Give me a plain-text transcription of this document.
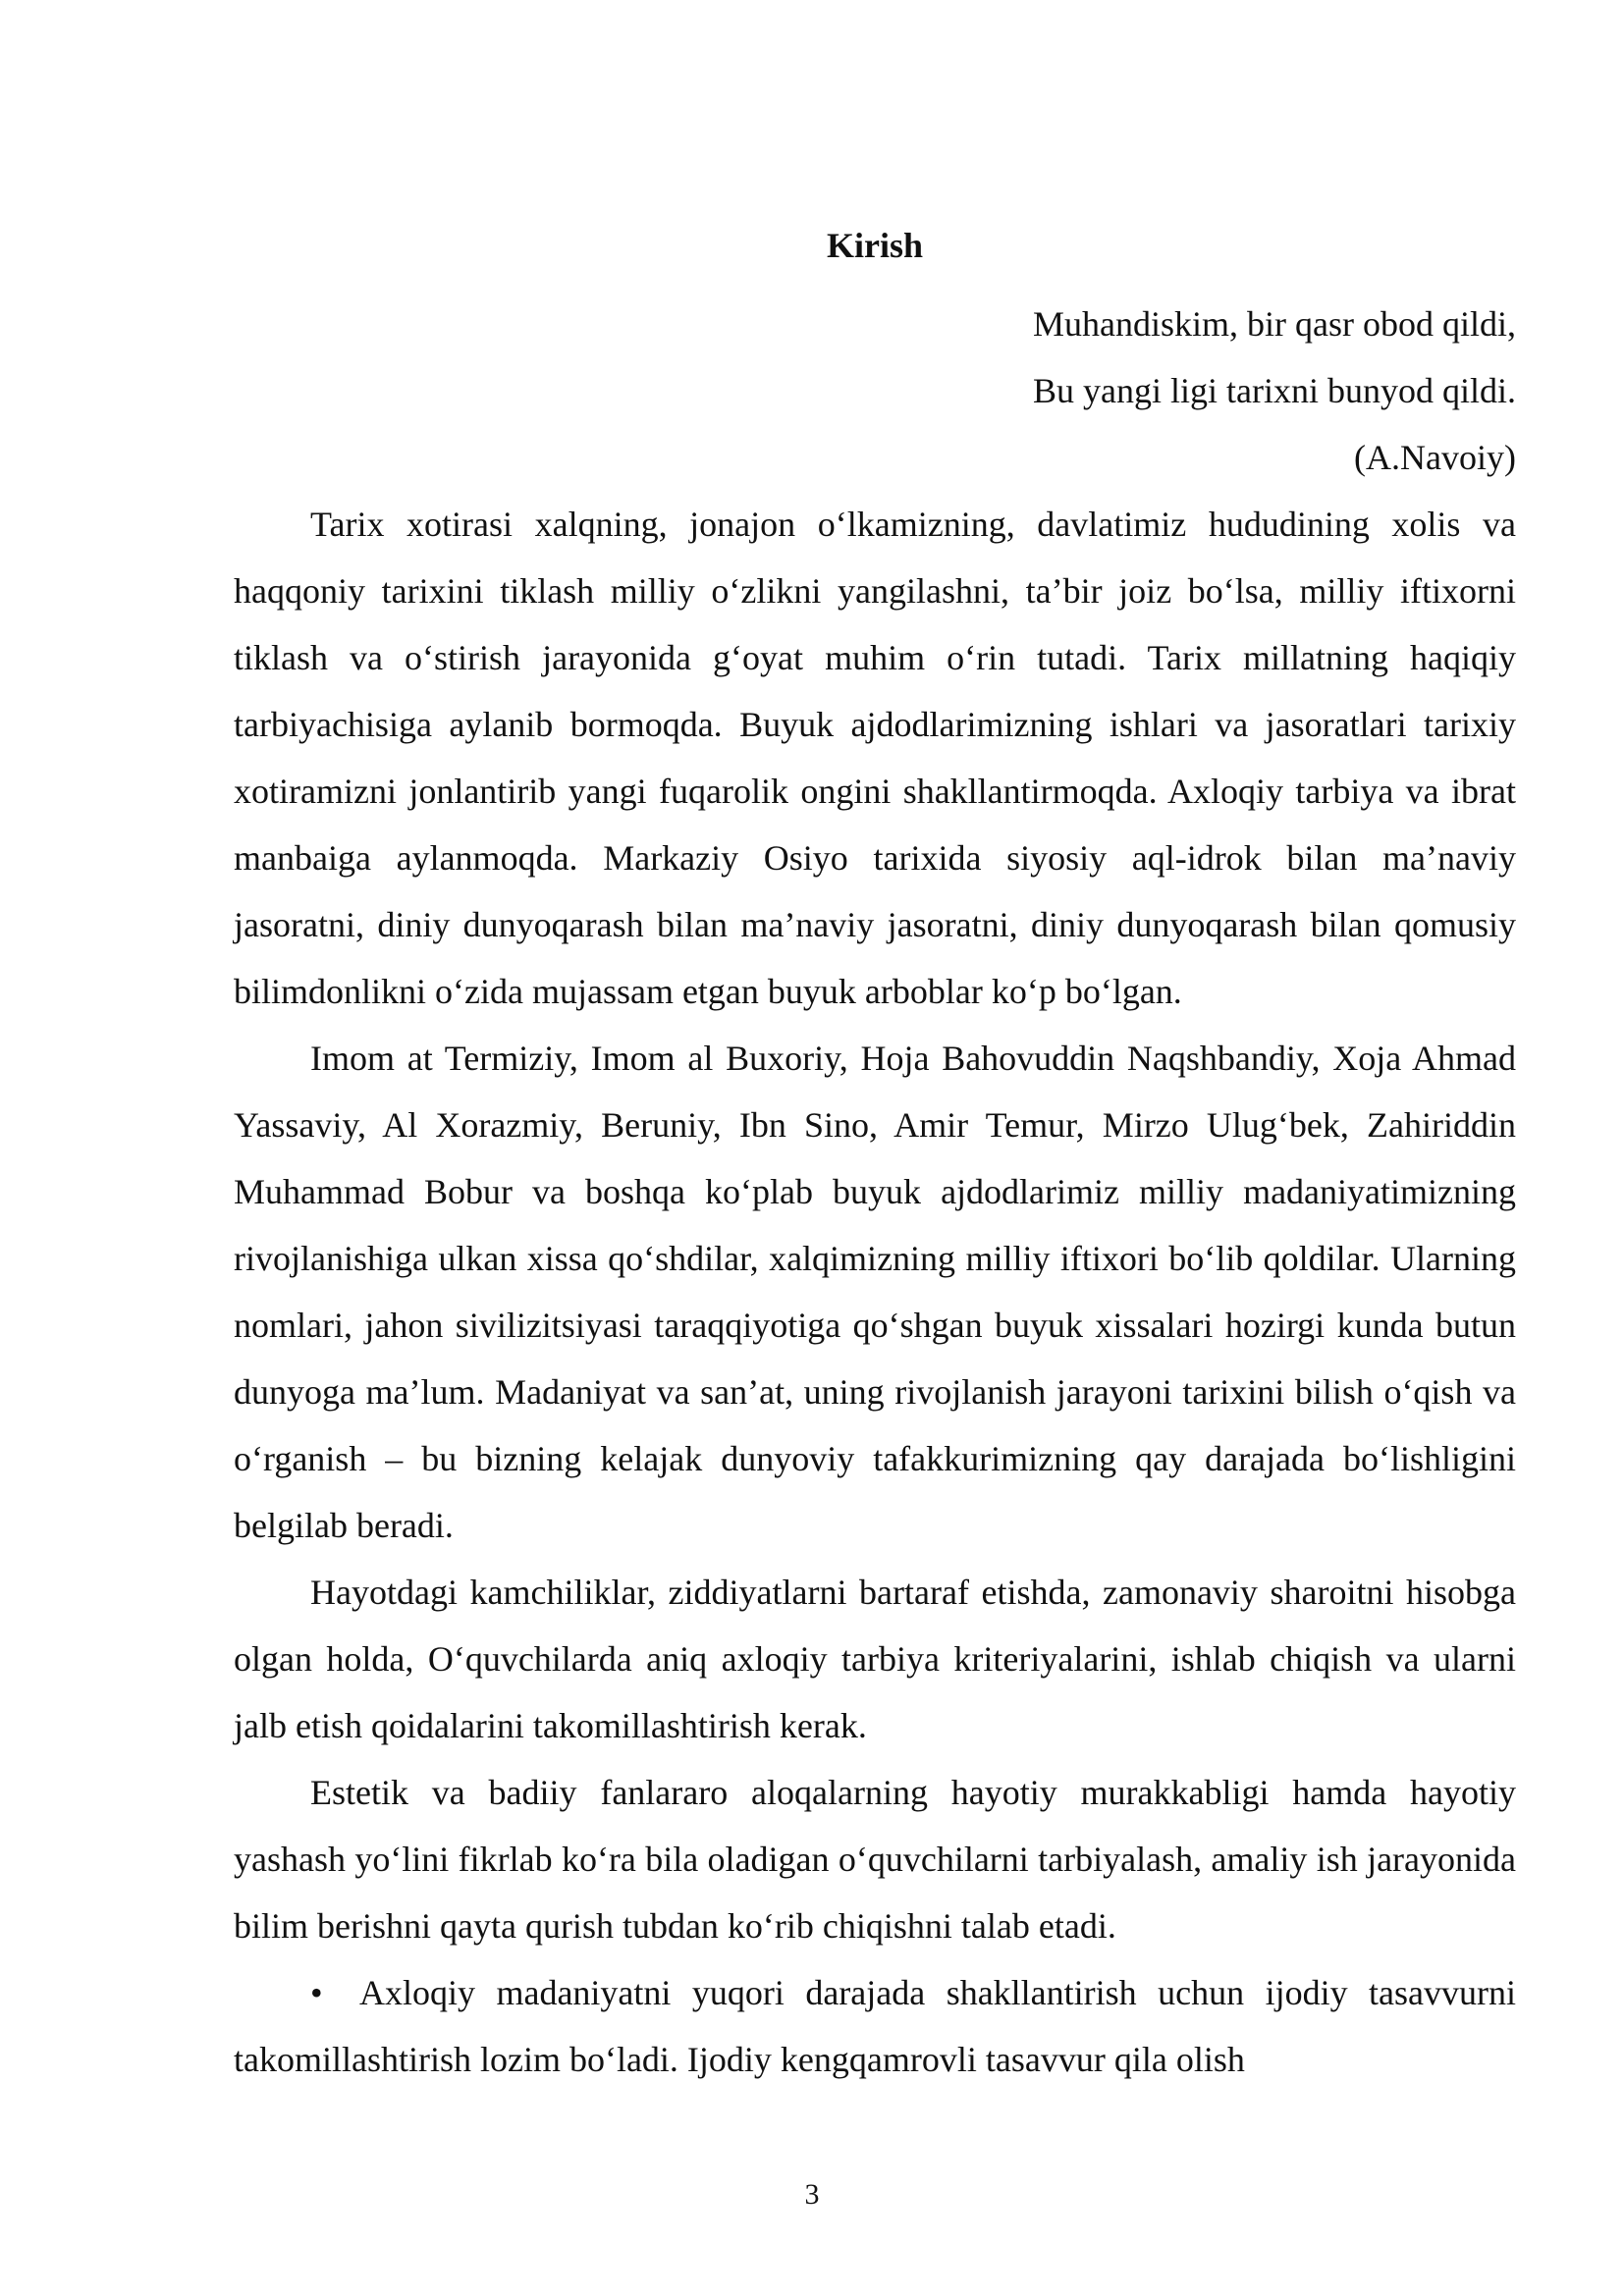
Kirish
Muhandiskim, bir qasr obod qildi,
Bu yangi ligi tarixni bunyod qildi.
(A.Navoiy)

Tarix xotirasi xalqning, jonajon o‘lkamizning, davlatimiz hududining xolis va haqqoniy tarixini tiklash milliy o‘zlikni yangilashni, ta’bir joiz bo‘lsa, milliy iftixorni tiklash va o‘stirish jarayonida g‘oyat muhim o‘rin tutadi. Tarix millatning haqiqiy tarbiyachisiga aylanib bormoqda. Buyuk ajdodlarimizning ishlari va jasoratlari tarixiy xotiramizni jonlantirib yangi fuqarolik ongini shakllantirmoqda. Axloqiy tarbiya va ibrat manbaiga aylanmoqda. Markaziy Osiyo tarixida siyosiy aql-idrok bilan ma’naviy jasoratni, diniy dunyoqarash bilan ma’naviy jasoratni, diniy dunyoqarash bilan qomusiy bilimdonlikni o‘zida mujassam etgan buyuk arboblar ko‘p bo‘lgan.

Imom at Termiziy, Imom al Buxoriy, Hoja Bahovuddin Naqshbandiy, Xoja Ahmad Yassaviy, Al Xorazmiy, Beruniy, Ibn Sino, Amir Temur, Mirzo Ulug‘bek, Zahiriddin Muhammad Bobur va boshqa ko‘plab buyuk ajdodlarimiz milliy madaniyatimizning rivojlanishiga ulkan xissa qo‘shdilar, xalqimizning milliy iftixori bo‘lib qoldilar. Ularning nomlari, jahon sivilizitsiyasi taraqqiyotiga qo‘shgan buyuk xissalari hozirgi kunda butun dunyoga ma’lum. Madaniyat va san’at, uning rivojlanish jarayoni tarixini bilish o‘qish va o‘rganish – bu bizning kelajak dunyoviy tafakkurimizning qay darajada bo‘lishligini belgilab beradi.

Hayotdagi kamchiliklar, ziddiyatlarni bartaraf etishda, zamonaviy sharoitni hisobga olgan holda, O‘quvchilarda aniq axloqiy tarbiya kriteriyalarini, ishlab chiqish va ularni jalb etish qoidalarini takomillashtirish kerak.

Estetik va badiiy fanlararo aloqalarning hayotiy murakkabligi hamda hayotiy yashash yo‘lini fikrlab ko‘ra bila oladigan o‘quvchilarni tarbiyalash, amaliy ish jarayonida bilim berishni qayta qurish tubdan ko‘rib chiqishni talab etadi.

• Axloqiy madaniyatni yuqori darajada shakllantirish uchun ijodiy tasavvurni takomillashtirish lozim bo‘ladi. Ijodiy kengqamrovli tasavvur qila olish

3
